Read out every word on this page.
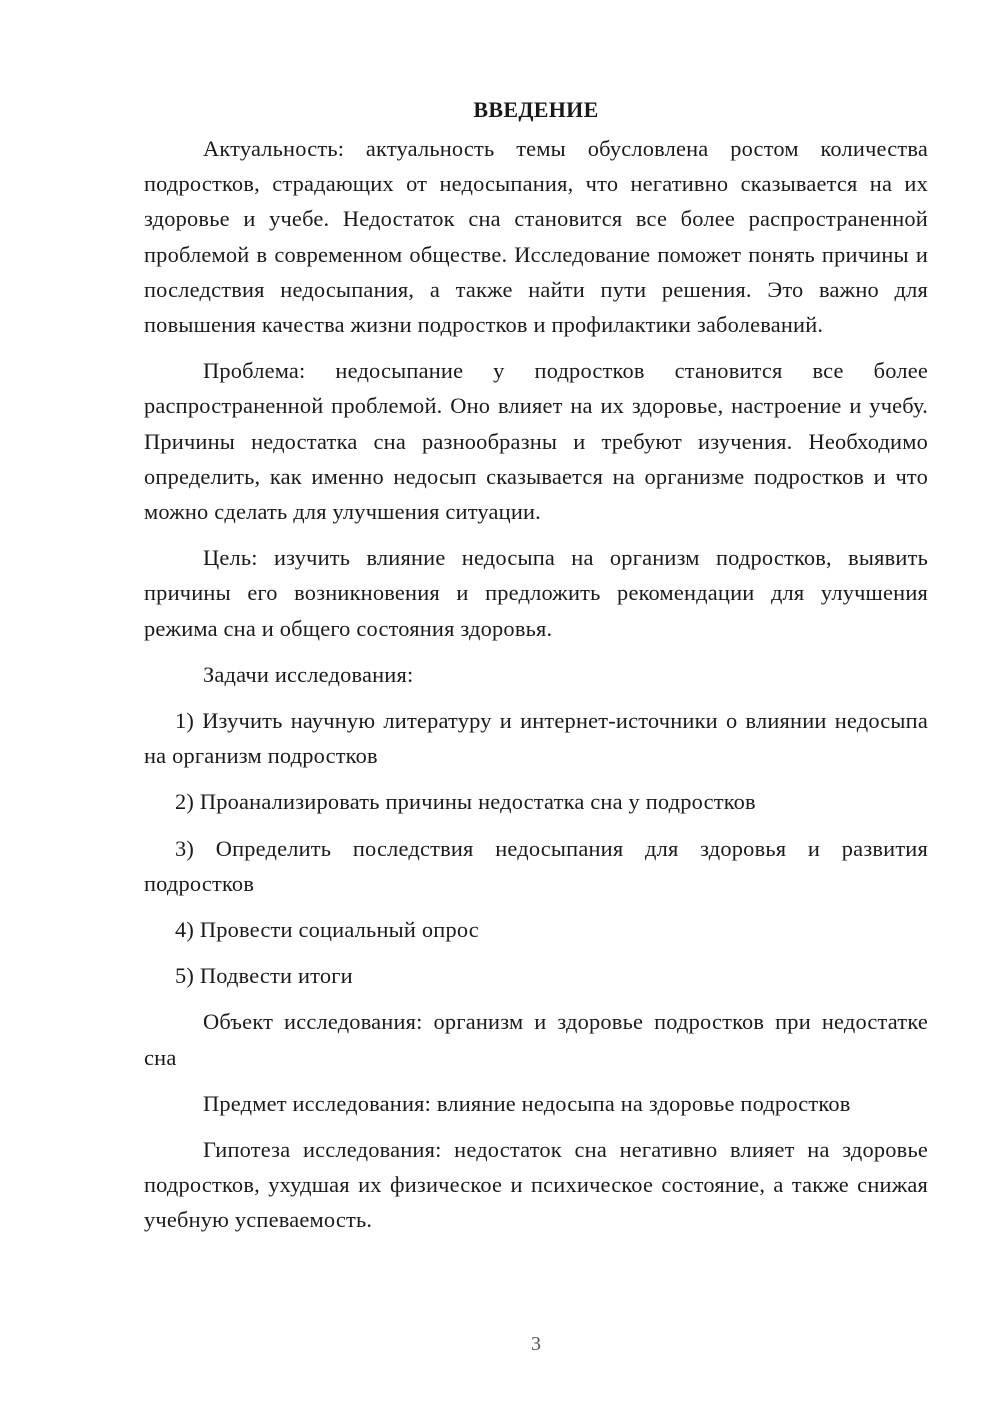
ВВЕДЕНИЕ

Актуальность: актуальность темы обусловлена ростом количества подростков, страдающих от недосыпания, что негативно сказывается на их здоровье и учебе. Недостаток сна становится все более распространенной проблемой в современном обществе. Исследование поможет понять причины и последствия недосыпания, а также найти пути решения. Это важно для повышения качества жизни подростков и профилактики заболеваний.

Проблема: недосыпание у подростков становится все более распространенной проблемой. Оно влияет на их здоровье, настроение и учебу. Причины недостатка сна разнообразны и требуют изучения. Необходимо определить, как именно недосып сказывается на организме подростков и что можно сделать для улучшения ситуации.

Цель: изучить влияние недосыпа на организм подростков, выявить причины его возникновения и предложить рекомендации для улучшения режима сна и общего состояния здоровья.

Задачи исследования:

1) Изучить научную литературу и интернет-источники о влиянии недосыпа на организм подростков

2) Проанализировать причины недостатка сна у подростков

3) Определить последствия недосыпания для здоровья и развития подростков

4) Провести социальный опрос

5) Подвести итоги

Объект исследования: организм и здоровье подростков при недостатке сна

Предмет исследования: влияние недосыпа на здоровье подростков

Гипотеза исследования: недостаток сна негативно влияет на здоровье подростков, ухудшая их физическое и психическое состояние, а также снижая учебную успеваемость.

3
